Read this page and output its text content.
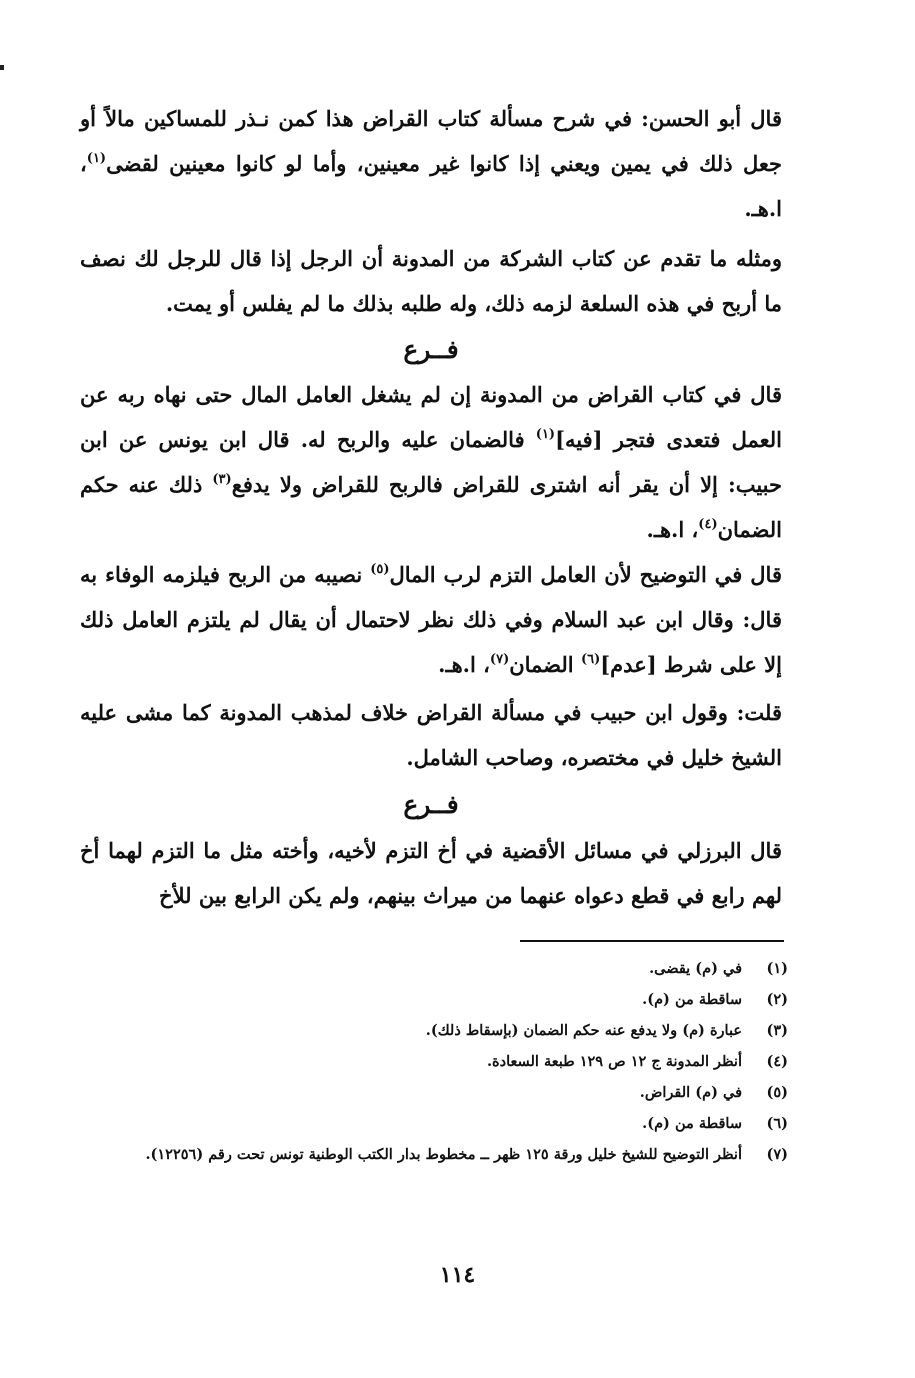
قال أبو الحسن: في شرح مسألة كتاب القراض هذا كمن نـذر للمساكين مالاً أو جعل ذلك في يمين ويعني إذا كانوا غير معينين، وأما لو كانوا معينين لقضى$^{(١)}$، ا.هـ.

ومثله ما تقدم عن كتاب الشركة من المدونة أن الرجل إذا قال للرجل لك نصف ما أربح في هذه السلعة لزمه ذلك، وله طلبه بذلك ما لم يفلس أو يمت.

فــرع

قال في كتاب القراض من المدونة إن لم يشغل العامل المال حتى نهاه ربه عن العمل فتعدى فتجر [فيه]$^{(١)}$ فالضمان عليه والربح له. قال ابن يونس عن ابن حبيب: إلا أن يقر أنه اشترى للقراض فالربح للقراض ولا يدفع$^{(٣)}$ ذلك عنه حكم الضمان$^{(٤)}$، ا.هـ.

قال في التوضيح لأن العامل التزم لرب المال$^{(٥)}$ نصيبه من الربح فيلزمه الوفاء به قال: وقال ابن عبد السلام وفي ذلك نظر لاحتمال أن يقال لم يلتزم العامل ذلك إلا على شرط [عدم]$^{(٦)}$ الضمان$^{(٧)}$، ا.هـ.

قلت: وقول ابن حبيب في مسألة القراض خلاف لمذهب المدونة كما مشى عليه الشيخ خليل في مختصره، وصاحب الشامل.

فــرع

قال البرزلي في مسائل الأقضية في أخ التزم لأخيه، وأخته مثل ما التزم لهما أخ لهم رابع في قطع دعواه عنهما من ميراث بينهم، ولم يكن الرابع بين للأخ

(١)
في (م) يقضى.
(٢)
ساقطة من (م).
(٣)
عبارة (م) ولا يدفع عنه حكم الضمان (بإسقاط ذلك).
(٤)
أنظر المدونة ج ١٢ ص ١٢٩ طبعة السعادة.
(٥)
في (م) القراض.
(٦)
ساقطة من (م).
(٧)
أنظر التوضيح للشيخ خليل ورقة ١٢٥ ظهر ــ مخطوط بدار الكتب الوطنية تونس تحت رقم (١٢٢٥٦).
١١٤
